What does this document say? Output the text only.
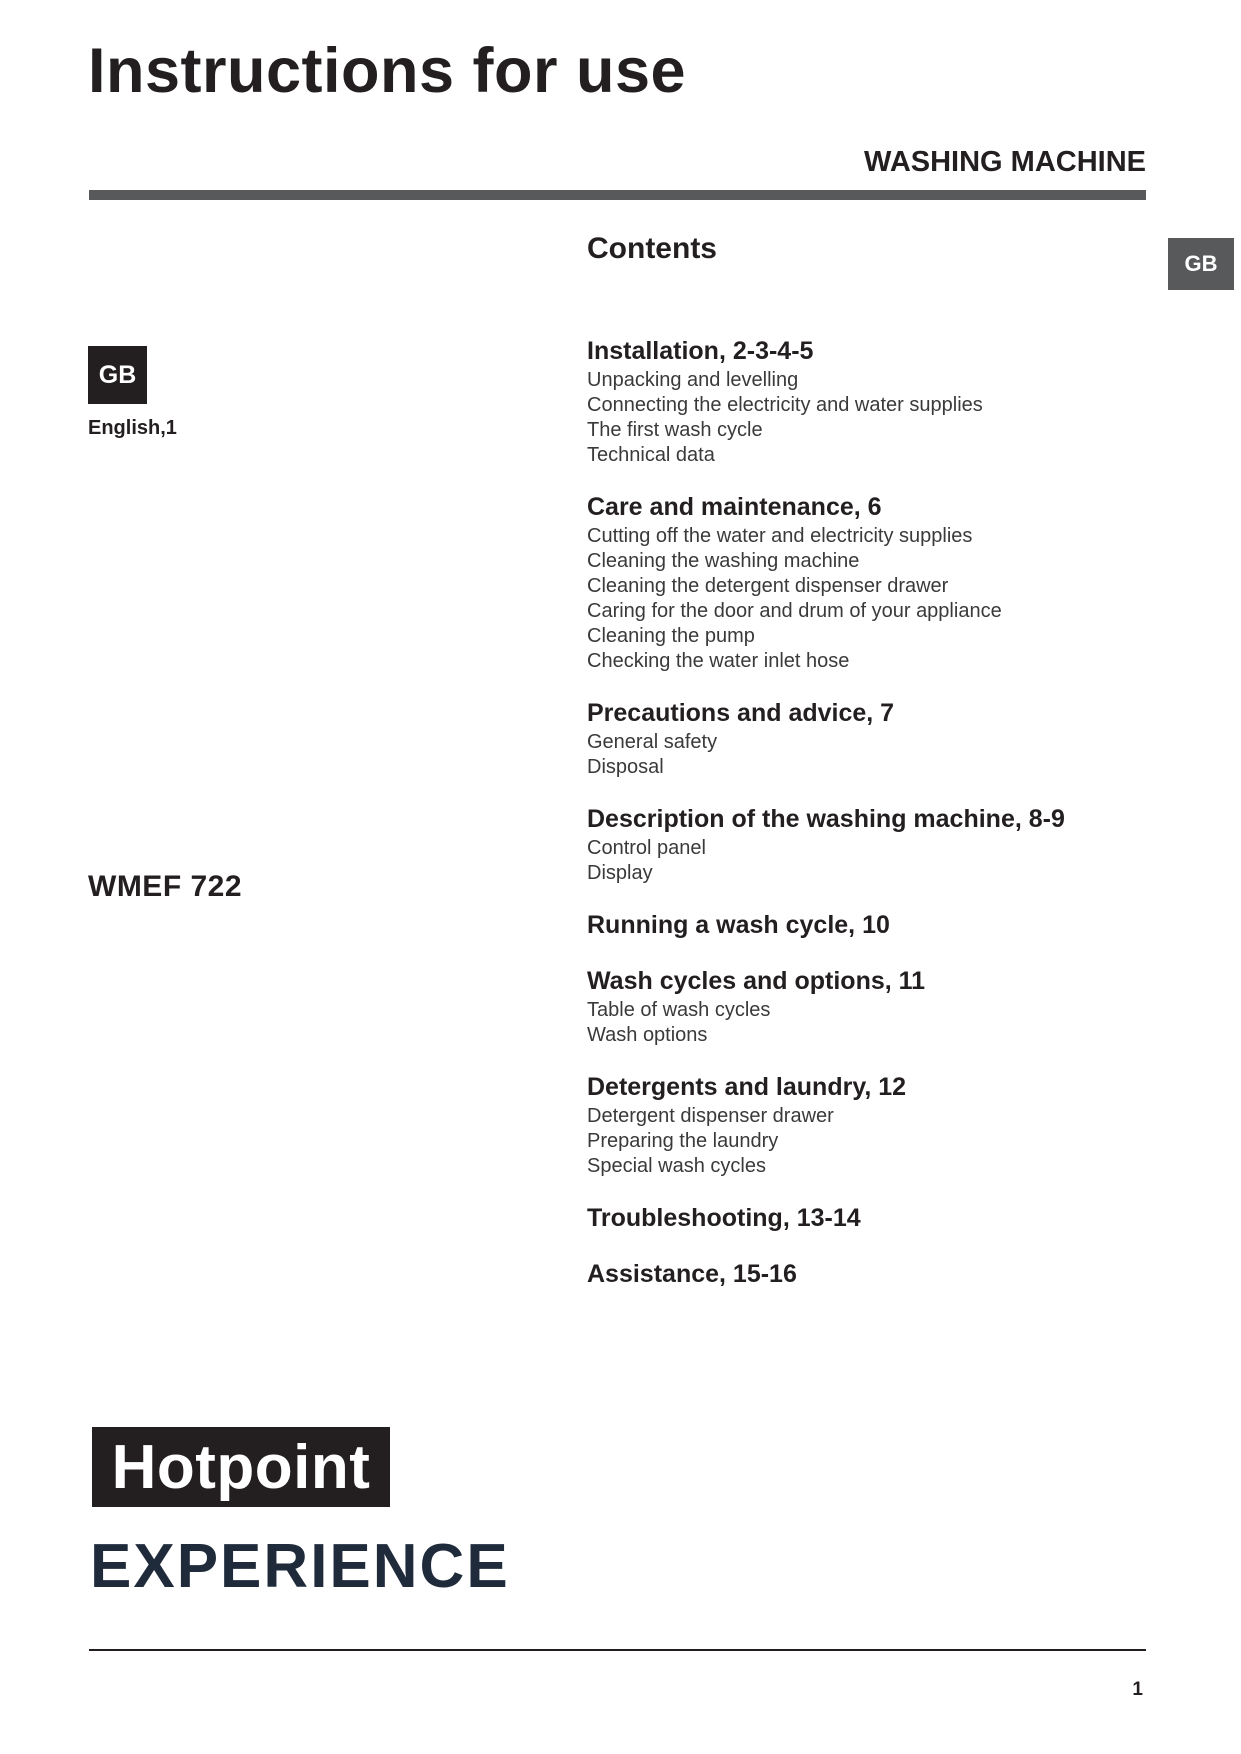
Instructions for use
WASHING MACHINE
GB
GB
English,1
WMEF 722
Contents
Installation, 2-3-4-5
Unpacking and levelling
Connecting the electricity and water supplies
The first wash cycle
Technical data
Care and maintenance, 6
Cutting off the water and electricity supplies
Cleaning the washing machine
Cleaning the detergent dispenser drawer
Caring for the door and drum of your appliance
Cleaning the pump
Checking the water inlet hose
Precautions and advice, 7
General safety
Disposal
Description of the washing machine, 8-9
Control panel
Display
Running a wash cycle, 10
Wash cycles and options, 11
Table of wash cycles
Wash options
Detergents and laundry, 12
Detergent dispenser drawer
Preparing the laundry
Special wash cycles
Troubleshooting, 13-14
Assistance, 15-16
Hotpoint
EXPERIENCE
1
